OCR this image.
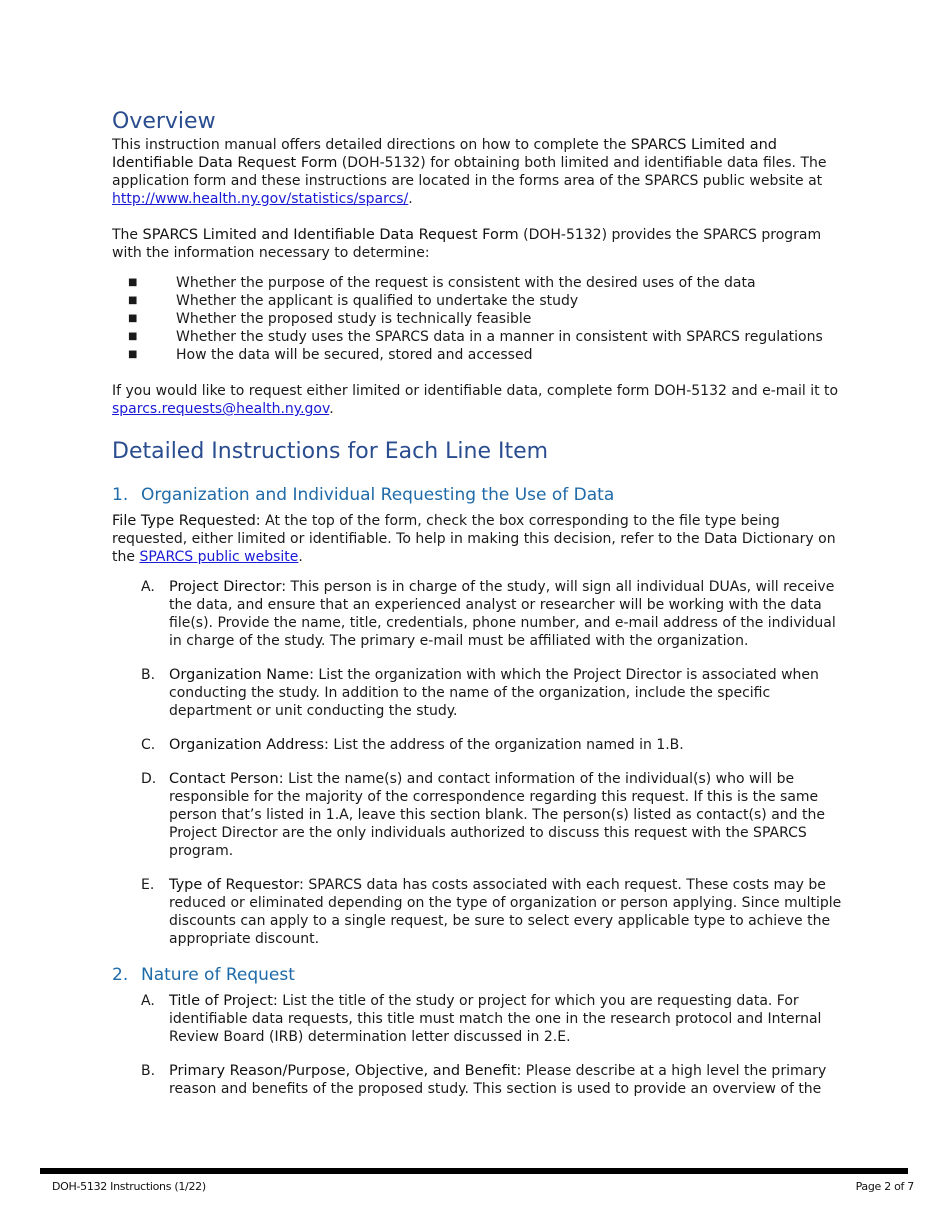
Overview

This instruction manual offers detailed directions on how to complete the SPARCS Limited and Identifiable Data Request Form (DOH-5132) for obtaining both limited and identifiable data files. The application form and these instructions are located in the forms area of the SPARCS public website at http://www.health.ny.gov/statistics/sparcs/.

The SPARCS Limited and Identifiable Data Request Form (DOH-5132) provides the SPARCS program with the information necessary to determine:

■	Whether the purpose of the request is consistent with the desired uses of the data
■	Whether the applicant is qualified to undertake the study
■	Whether the proposed study is technically feasible
■	Whether the study uses the SPARCS data in a manner in consistent with SPARCS regulations
■	How the data will be secured, stored and accessed

If you would like to request either limited or identifiable data, complete form DOH-5132 and e-mail it to sparcs.requests@health.ny.gov.

Detailed Instructions for Each Line Item
1. Organization and Individual Requesting the Use of Data

File Type Requested: At the top of the form, check the box corresponding to the file type being requested, either limited or identifiable. To help in making this decision, refer to the Data Dictionary on the SPARCS public website.

A. Project Director: This person is in charge of the study, will sign all individual DUAs, will receive the data, and ensure that an experienced analyst or researcher will be working with the data file(s). Provide the name, title, credentials, phone number, and e-mail address of the individual in charge of the study. The primary e-mail must be affiliated with the organization.
B. Organization Name: List the organization with which the Project Director is associated when conducting the study. In addition to the name of the organization, include the specific department or unit conducting the study.
C. Organization Address: List the address of the organization named in 1.B.
D. Contact Person: List the name(s) and contact information of the individual(s) who will be responsible for the majority of the correspondence regarding this request. If this is the same person that’s listed in 1.A, leave this section blank. The person(s) listed as contact(s) and the Project Director are the only individuals authorized to discuss this request with the SPARCS program.
E.	Type of Requestor: SPARCS data has costs associated with each request. These costs may be reduced or eliminated depending on the type of organization or person applying. Since multiple discounts can apply to a single request, be sure to select every applicable type to achieve the appropriate discount.
2. Nature of Request
A. Title of Project: List the title of the study or project for which you are requesting data. For identifiable data requests, this title must match the one in the research protocol and Internal Review Board (IRB) determination letter discussed in 2.E.
B. Primary Reason/Purpose, Objective, and Benefit: Please describe at a high level the primary reason and benefits of the proposed study. This section is used to provide an overview of the
DOH-5132 Instructions (1/22)	Page 2 of 7
